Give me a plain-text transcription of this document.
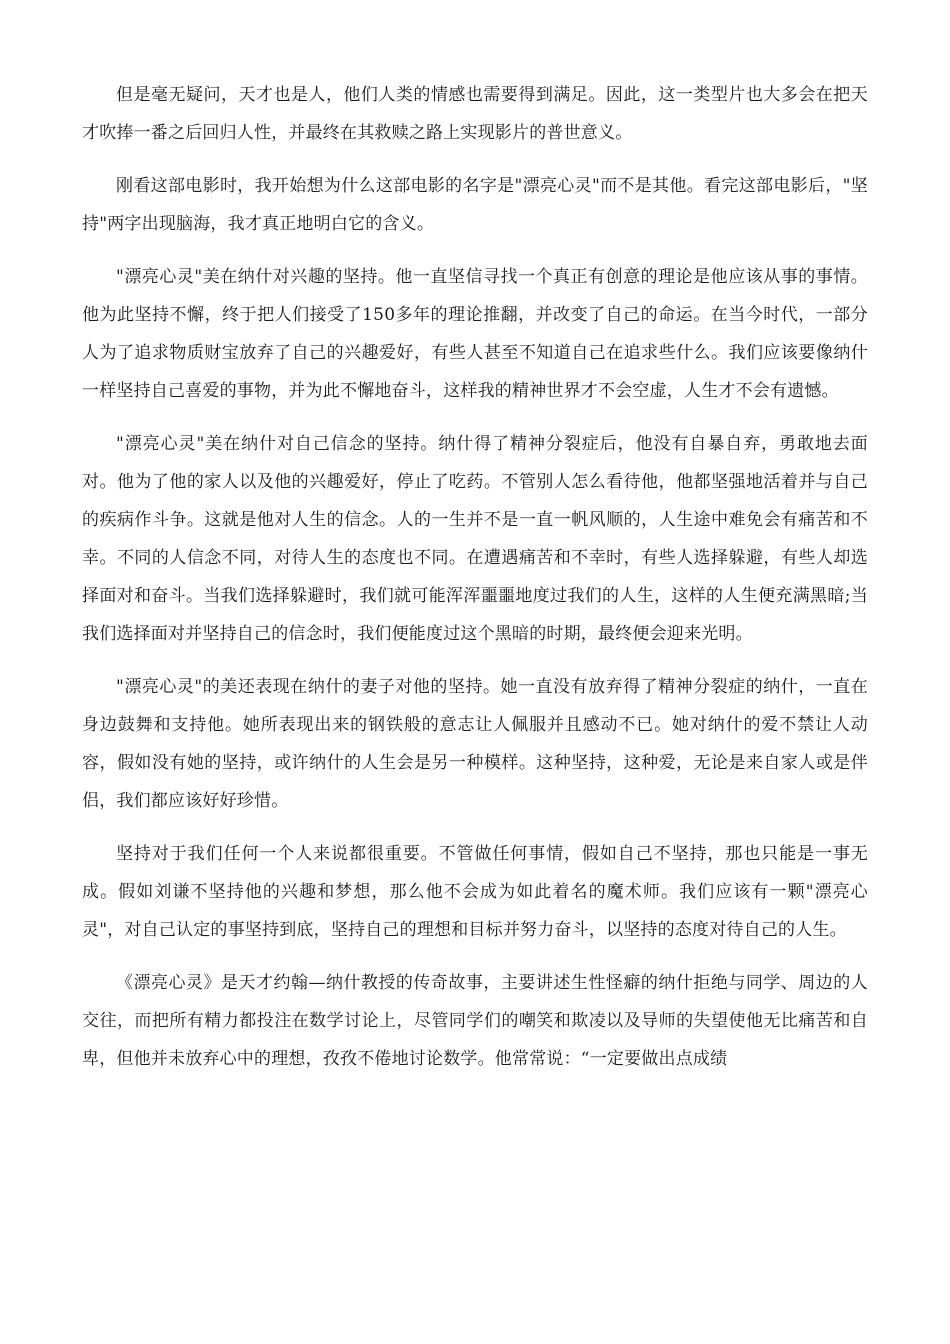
但是毫无疑问，天才也是人，他们人类的情感也需要得到满足。因此，这一类型片也大多会在把天才吹捧一番之后回归人性，并最终在其救赎之路上实现影片的普世意义。

刚看这部电影时，我开始想为什么这部电影的名字是"漂亮心灵"而不是其他。看完这部电影后，"坚持"两字出现脑海，我才真正地明白它的含义。

"漂亮心灵"美在纳什对兴趣的坚持。他一直坚信寻找一个真正有创意的理论是他应该从事的事情。他为此坚持不懈，终于把人们接受了150多年的理论推翻，并改变了自己的命运。在当今时代，一部分人为了追求物质财宝放弃了自己的兴趣爱好，有些人甚至不知道自己在追求些什么。我们应该要像纳什一样坚持自己喜爱的事物，并为此不懈地奋斗，这样我的精神世界才不会空虚，人生才不会有遗憾。

"漂亮心灵"美在纳什对自己信念的坚持。纳什得了精神分裂症后，他没有自暴自弃，勇敢地去面对。他为了他的家人以及他的兴趣爱好，停止了吃药。不管别人怎么看待他，他都坚强地活着并与自己的疾病作斗争。这就是他对人生的信念。人的一生并不是一直一帆风顺的，人生途中难免会有痛苦和不幸。不同的人信念不同，对待人生的态度也不同。在遭遇痛苦和不幸时，有些人选择躲避，有些人却选择面对和奋斗。当我们选择躲避时，我们就可能浑浑噩噩地度过我们的人生，这样的人生便充满黑暗;当我们选择面对并坚持自己的信念时，我们便能度过这个黑暗的时期，最终便会迎来光明。

"漂亮心灵"的美还表现在纳什的妻子对他的坚持。她一直没有放弃得了精神分裂症的纳什，一直在身边鼓舞和支持他。她所表现出来的钢铁般的意志让人佩服并且感动不已。她对纳什的爱不禁让人动容，假如没有她的坚持，或许纳什的人生会是另一种模样。这种坚持，这种爱，无论是来自家人或是伴侣，我们都应该好好珍惜。

坚持对于我们任何一个人来说都很重要。不管做任何事情，假如自己不坚持，那也只能是一事无成。假如刘谦不坚持他的兴趣和梦想，那么他不会成为如此着名的魔术师。我们应该有一颗"漂亮心灵"，对自己认定的事坚持到底，坚持自己的理想和目标并努力奋斗，以坚持的态度对待自己的人生。

《漂亮心灵》是天才约翰—纳什教授的传奇故事，主要讲述生性怪癖的纳什拒绝与同学、周边的人交往，而把所有精力都投注在数学讨论上，尽管同学们的嘲笑和欺凌以及导师的失望使他无比痛苦和自卑，但他并未放弃心中的理想，孜孜不倦地讨论数学。他常常说：“一定要做出点成绩
